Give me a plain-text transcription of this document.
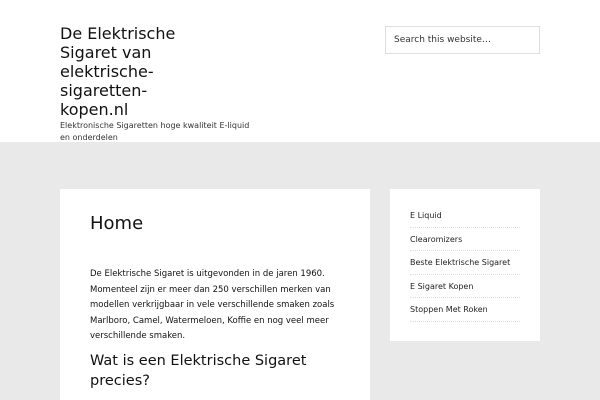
De Elektrische Sigaret van elektrische-sigaretten-kopen.nl
Elektronische Sigaretten hoge kwaliteit E-liquid en onderdelen
Search this website…
Home

De Elektrische Sigaret is uitgevonden in de jaren 1960. Momenteel zijn er meer dan 250 verschillen merken van modellen verkrijgbaar in vele verschillende smaken zoals Marlboro, Camel, Watermeloen, Koffie en nog veel meer verschillende smaken.

Wat is een Elektrische Sigaret precies?
E Liquid
Clearomizers
Beste Elektrische Sigaret
E Sigaret Kopen
Stoppen Met Roken
